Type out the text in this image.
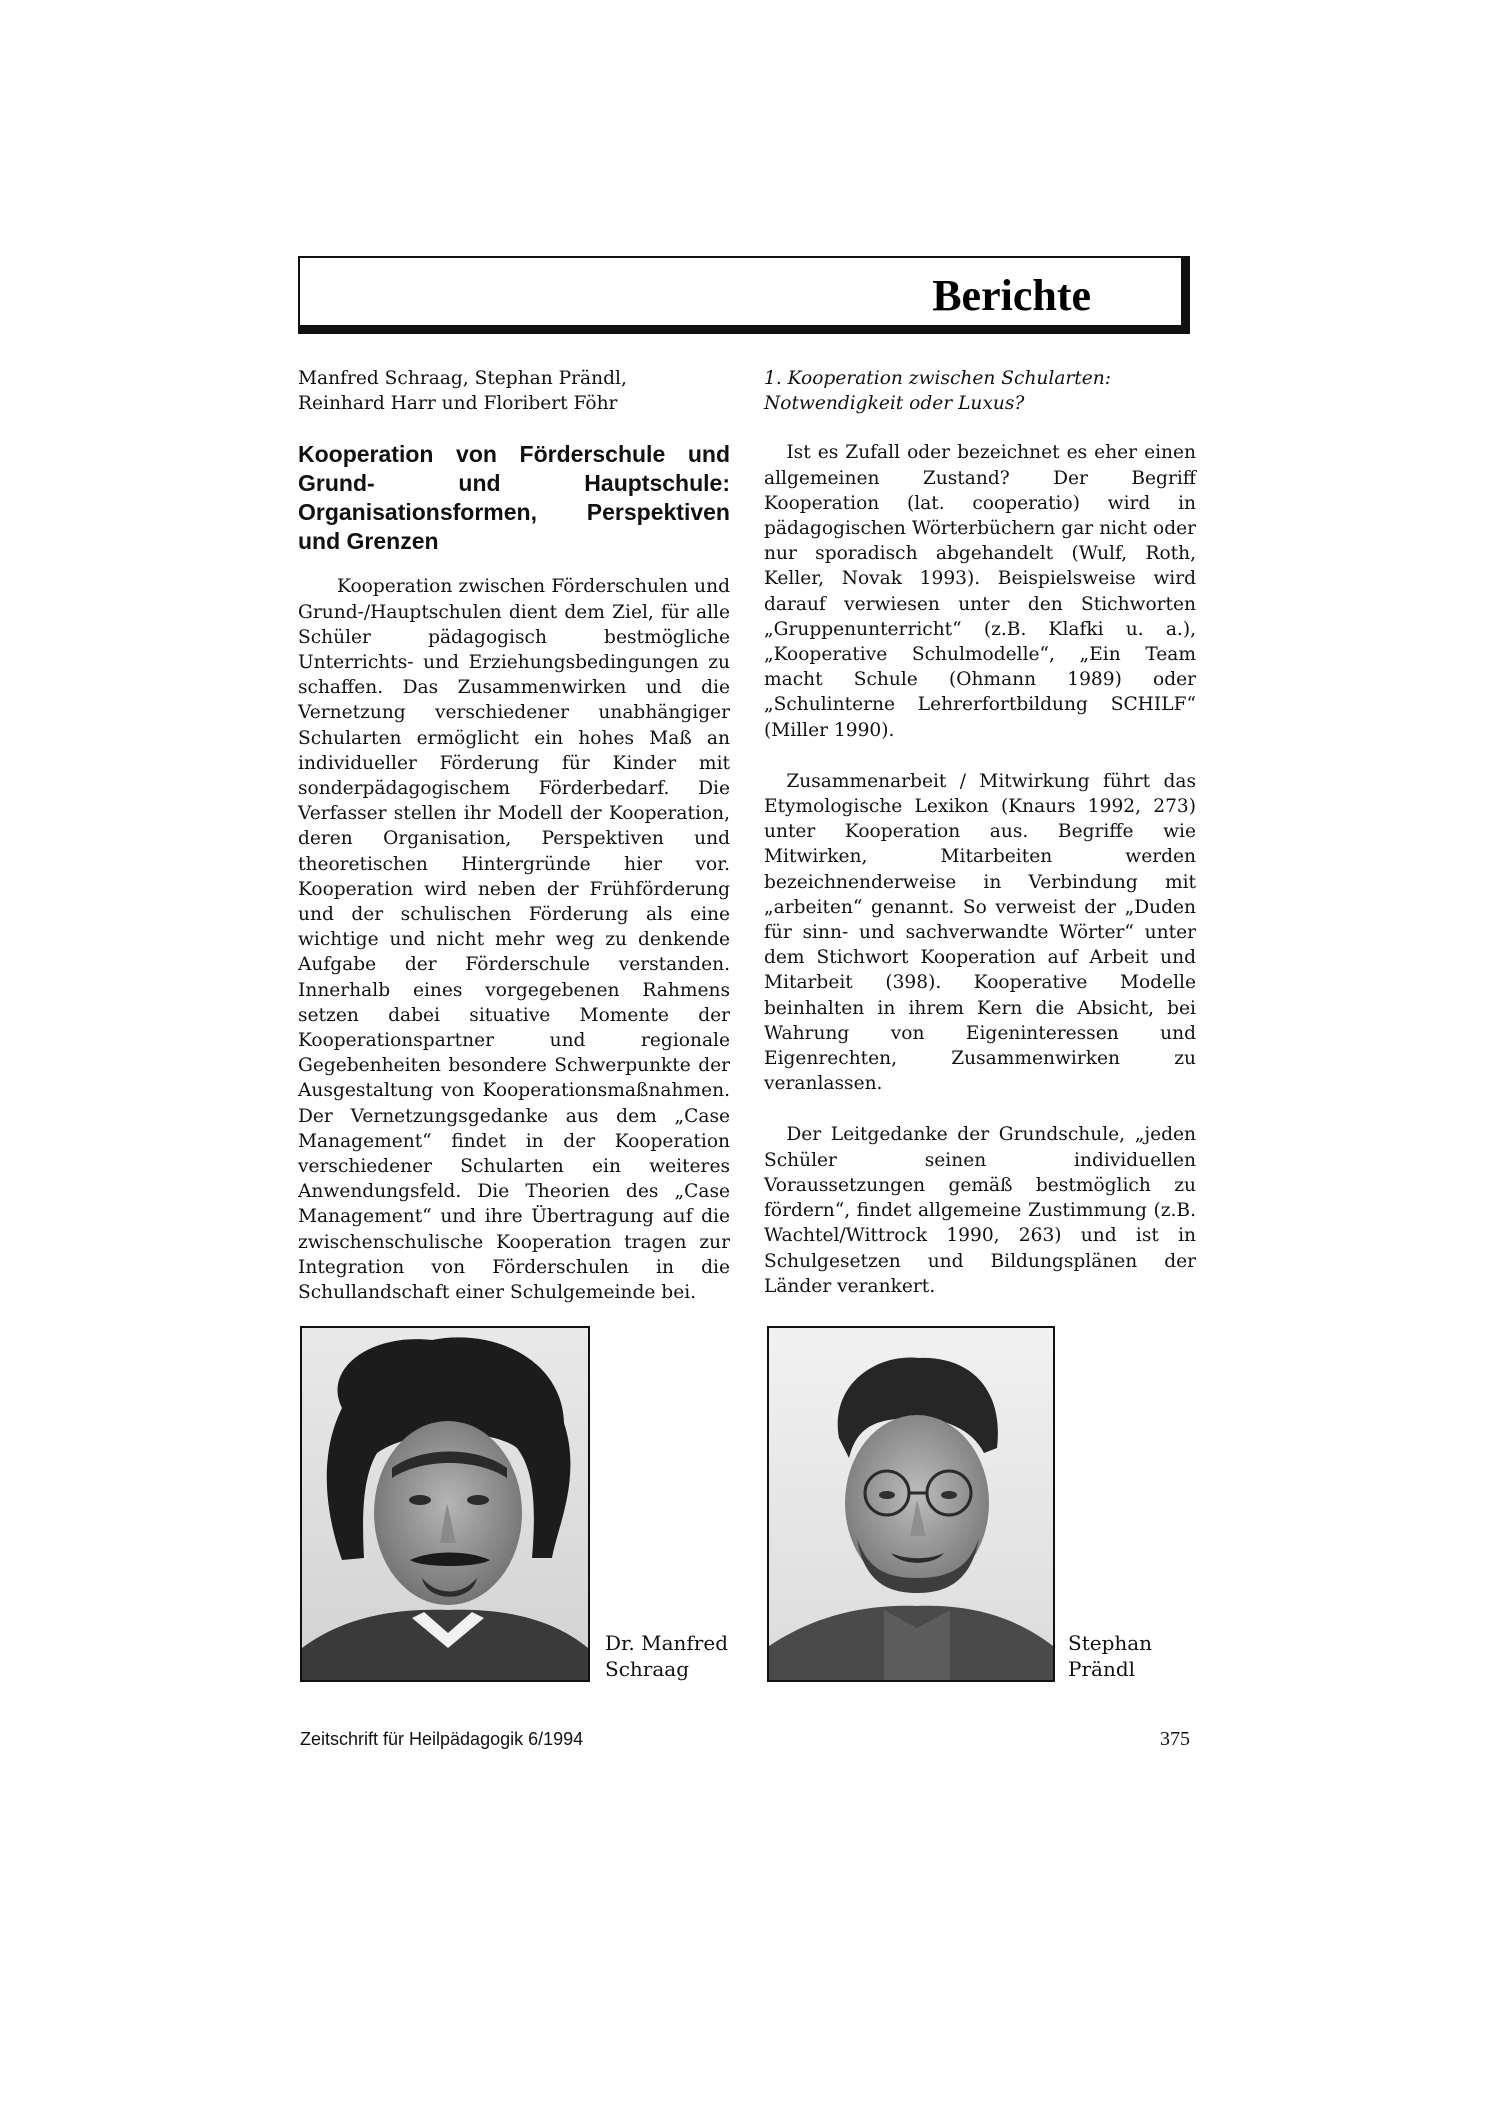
Berichte

Manfred Schraag, Stephan Prändl,
Reinhard Harr und Floribert Föhr

Kooperation von Förderschule und Grund- und Hauptschule: Organisationsformen, Perspektiven und Grenzen

Kooperation zwischen Förderschulen und Grund-/Hauptschulen dient dem Ziel, für alle Schüler pädagogisch bestmögliche Unterrichts- und Erziehungsbedingungen zu schaffen. Das Zusammenwirken und die Vernetzung verschiedener unabhängiger Schularten ermöglicht ein hohes Maß an individueller Förderung für Kinder mit sonderpädagogischem Förderbedarf. Die Verfasser stellen ihr Modell der Kooperation, deren Organisation, Perspektiven und theoretischen Hintergründe hier vor. Kooperation wird neben der Frühförderung und der schulischen Förderung als eine wichtige und nicht mehr weg zu denkende Aufgabe der Förderschule verstanden. Innerhalb eines vorgegebenen Rahmens setzen dabei situative Momente der Kooperationspartner und regionale Gegebenheiten besondere Schwerpunkte der Ausgestaltung von Kooperationsmaßnahmen. Der Vernetzungsgedanke aus dem „Case Management“ findet in der Kooperation verschiedener Schularten ein weiteres Anwendungsfeld. Die Theorien des „Case Management“ und ihre Übertragung auf die zwischenschulische Kooperation tragen zur Integration von Förderschulen in die Schullandschaft einer Schulgemeinde bei.

1. Kooperation zwischen Schularten: Notwendigkeit oder Luxus?

Ist es Zufall oder bezeichnet es eher einen allgemeinen Zustand? Der Begriff Kooperation (lat. cooperatio) wird in pädagogischen Wörterbüchern gar nicht oder nur sporadisch abgehandelt (Wulf, Roth, Keller, Novak 1993). Beispielsweise wird darauf verwiesen unter den Stichworten „Gruppenunterricht“ (z.B. Klafki u. a.), „Kooperative Schulmodelle“, „Ein Team macht Schule (Ohmann 1989) oder „Schulinterne Lehrerfortbildung SCHILF“ (Miller 1990).

Zusammenarbeit / Mitwirkung führt das Etymologische Lexikon (Knaurs 1992, 273) unter Kooperation aus. Begriffe wie Mitwirken, Mitarbeiten werden bezeichnenderweise in Verbindung mit „arbeiten“ genannt. So verweist der „Duden für sinn- und sachverwandte Wörter“ unter dem Stichwort Kooperation auf Arbeit und Mitarbeit (398). Kooperative Modelle beinhalten in ihrem Kern die Absicht, bei Wahrung von Eigeninteressen und Eigenrechten, Zusammenwirken zu veranlassen.

Der Leitgedanke der Grundschule, „jeden Schüler seinen individuellen Voraussetzungen gemäß bestmöglich zu fördern“, findet allgemeine Zustimmung (z.B. Wachtel/Wittrock 1990, 263) und ist in Schulgesetzen und Bildungsplänen der Länder verankert.

Dr. Manfred
Schraag
Stephan
Prändl
Zeitschrift für Heilpädagogik 6/1994	375
